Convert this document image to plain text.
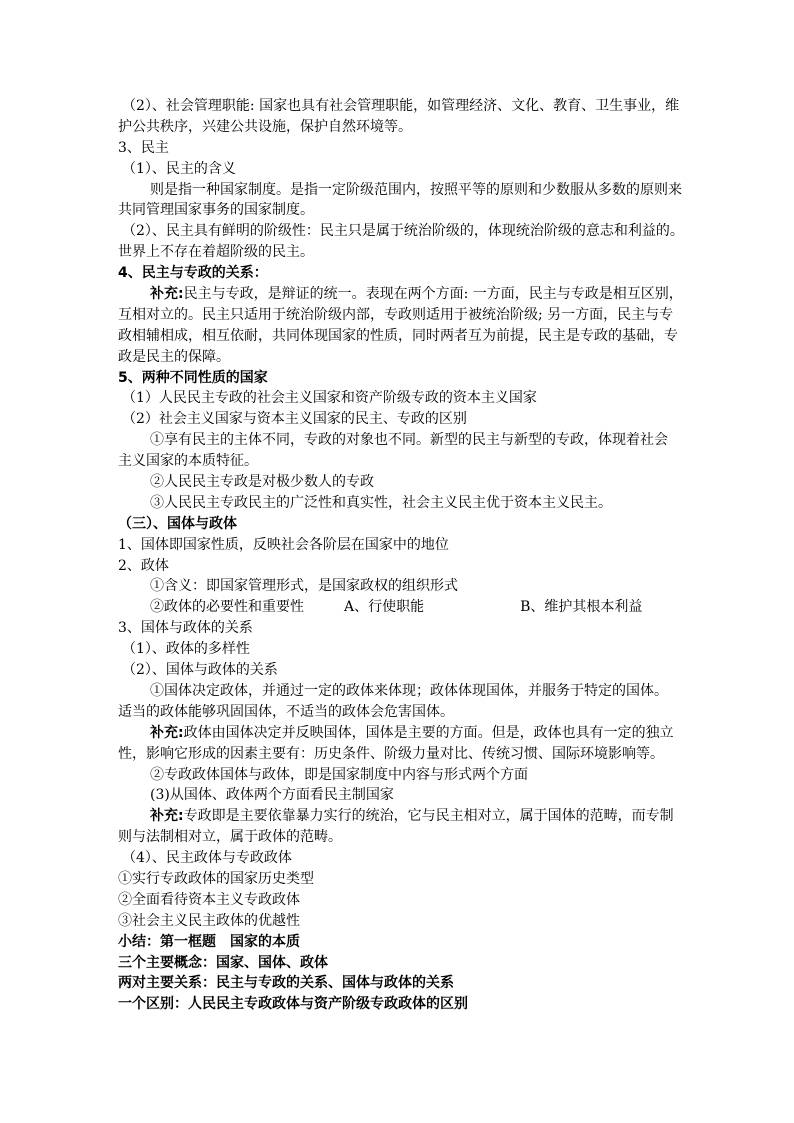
（2）、社会管理职能: 国家也具有社会管理职能，如管理经济、文化、教育、卫生事业，维
护公共秩序，兴建公共设施，保护自然环境等。
3、民主
（1）、民主的含义
则是指一种国家制度。是指一定阶级范围内，按照平等的原则和少数服从多数的原则来
共同管理国家事务的国家制度。
（2）、民主具有鲜明的阶级性：民主只是属于统治阶级的，体现统治阶级的意志和利益的。
世界上不存在着超阶级的民主。
4、民主与专政的关系：
补充:民主与专政，是辩证的统一。表现在两个方面: 一方面，民主与专政是相互区别，
互相对立的。民主只适用于统治阶级内部，专政则适用于被统治阶级; 另一方面，民主与专
政相辅相成，相互依耐，共同体现国家的性质，同时两者互为前提，民主是专政的基础，专
政是民主的保障。
5、两种不同性质的国家
（1）人民民主专政的社会主义国家和资产阶级专政的资本主义国家
（2）社会主义国家与资本主义国家的民主、专政的区别
①享有民主的主体不同，专政的对象也不同。新型的民主与新型的专政，体现着社会
主义国家的本质特征。
②人民民主专政是对极少数人的专政
③人民民主专政民主的广泛性和真实性，社会主义民主优于资本主义民主。
（三）、国体与政体
1、国体即国家性质，反映社会各阶层在国家中的地位
2、政体
①含义：即国家管理形式，是国家政权的组织形式
②政体的必要性和重要性	A、行使职能	B、维护其根本利益
3、国体与政体的关系
（1）、政体的多样性
（2）、国体与政体的关系
①国体决定政体，并通过一定的政体来体现；政体体现国体，并服务于特定的国体。
适当的政体能够巩固国体，不适当的政体会危害国体。
补充:政体由国体决定并反映国体，国体是主要的方面。但是，政体也具有一定的独立
性，影响它形成的因素主要有：历史条件、阶级力量对比、传统习惯、国际环境影响等。
②专政政体国体与政体，即是国家制度中内容与形式两个方面
(3)从国体、政体两个方面看民主制国家
补充:专政即是主要依靠暴力实行的统治，它与民主相对立，属于国体的范畴，而专制
则与法制相对立，属于政体的范畴。
（4）、民主政体与专政政体
①实行专政政体的国家历史类型
②全面看待资本主义专政政体
③社会主义民主政体的优越性
小结：第一框题　国家的本质
三个主要概念：国家、国体、政体
两对主要关系：民主与专政的关系、国体与政体的关系
一个区别：人民民主专政政体与资产阶级专政政体的区别
